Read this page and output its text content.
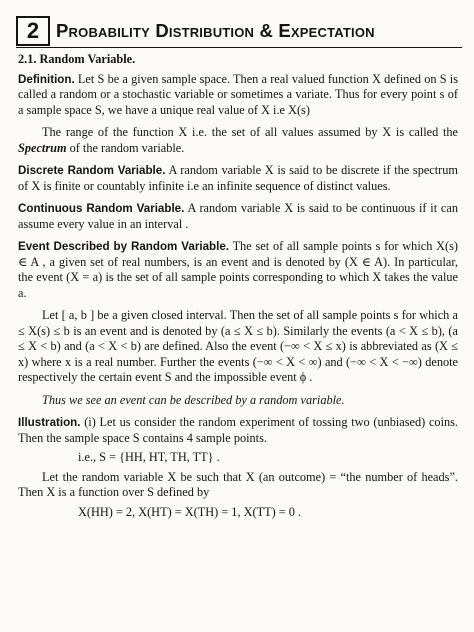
2 Probability Distribution & Expectation

2.1. Random Variable.

Definition. Let S be a given sample space. Then a real valued function X defined on S is called a random or a stochastic variable or sometimes a variate. Thus for every point s of a sample space S, we have a unique real value of X i.e X(s)

The range of the function X i.e. the set of all values assumed by X is called the Spectrum of the random variable.

Discrete Random Variable. A random variable X is said to be discrete if the spectrum of X is finite or countably infinite i.e an infinite sequence of distinct values.

Continuous Random Variable. A random variable X is said to be continuous if it can assume every value in an interval .

Event Described by Random Variable. The set of all sample points s for which X(s) ∈ A , a given set of real numbers, is an event and is denoted by (X ∈ A). In particular, the event (X = a) is the set of all sample points corresponding to which X takes the value a.

Let [ a, b ] be a given closed interval. Then the set of all sample points s for which a ≤ X(s) ≤ b is an event and is denoted by (a ≤ X ≤ b). Similarly the events (a < X ≤ b), (a ≤ X < b) and (a < X < b) are defined. Also the event (−∞ < X ≤ x) is abbreviated as (X ≤ x) where x is a real number. Further the events (−∞ < X < ∞) and (−∞ < X < −∞) denote respectively the certain event S and the impossible event ϕ .

Thus we see an event can be described by a random variable.

Illustration. (i) Let us consider the random experiment of tossing two (unbiased) coins. Then the sample space S contains 4 sample points.

i.e., S = {HH, HT, TH, TT} .

Let the random variable X be such that X (an outcome) = “the number of heads”. Then X is a function over S defined by

X(HH) = 2, X(HT) = X(TH) = 1, X(TT) = 0 .
